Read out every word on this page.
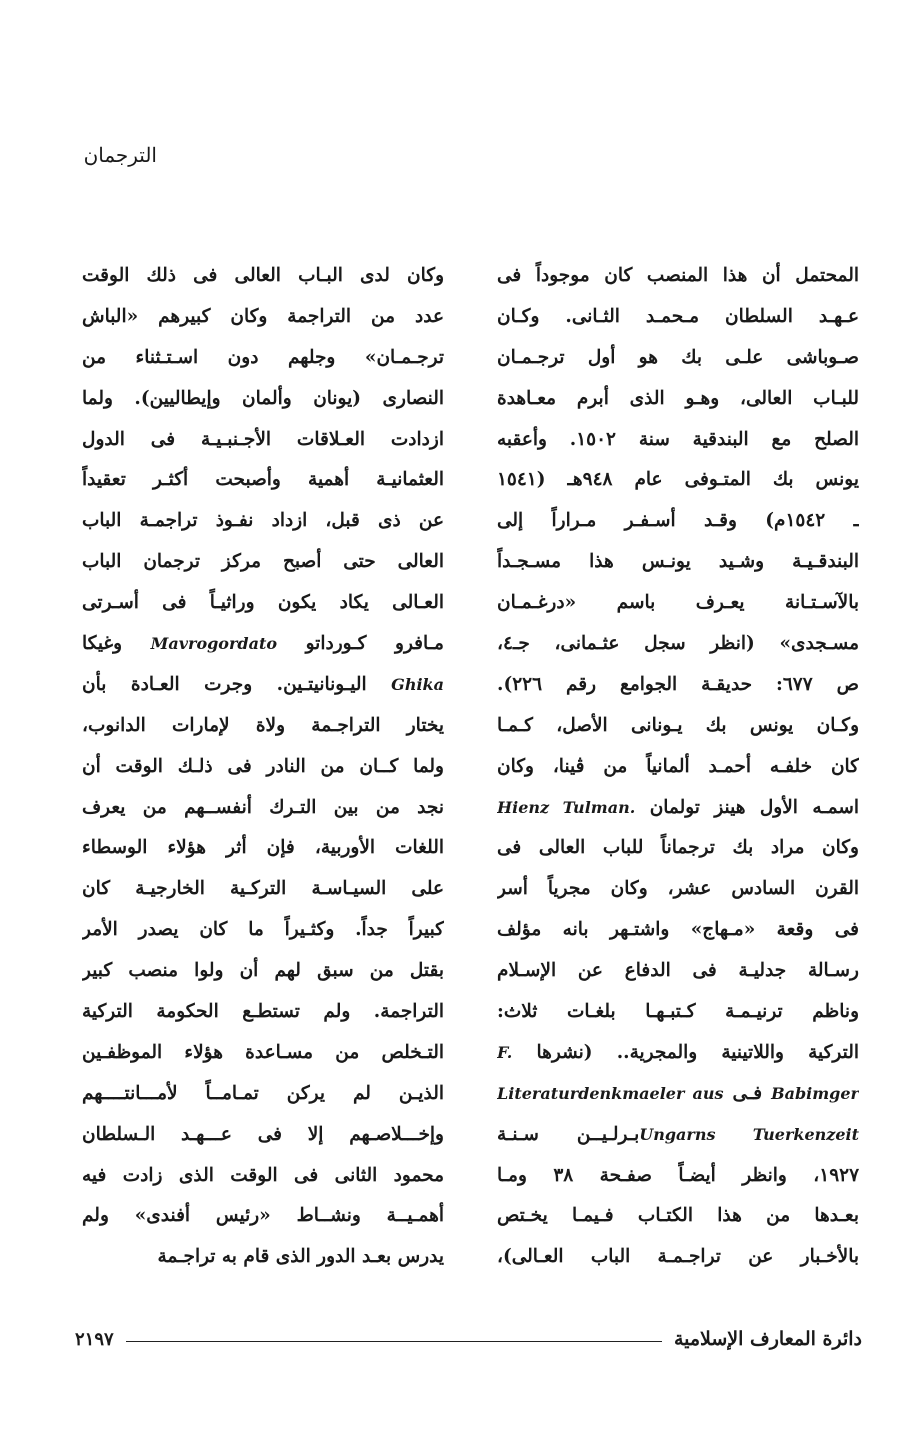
الترجمان
المحتمل أن هذا المنصب كان موجوداً فى
عـهـد السلطان مـحمـد الثـانى. وكـان
صـوباشى علـى بك هو أول ترجـمـان
للبـاب العالى، وهـو الذى أبرم معـاهدة
الصلح مع البندقية سنة ١٥٠٢. وأعقبه
يونس بك المتـوفى عام ٩٤٨هـ (١٥٤١
ـ ١٥٤٢م) وقـد أسـفـر مـراراً إلى
البندقـيـة وشـيد يونـس هذا مسـجـداً
بالآسـتـانة يعـرف باسم «درغـمـان
مسـجدى» (انظر سجل عثـمانى، جـ٤،
ص ٦٧٧: حديقـة الجوامع رقم ٢٢٦).
وكـان يونس بك يـونانى الأصل، كـمـا
كان خلفـه أحمـد ألمانياً من ڤينا، وكان
اسمـه الأول هينز تولمان Hienz Tulman.
وكان مراد بك ترجماناً للباب العالى فى
القرن السادس عشر، وكان مجرياً أسر
فى وقعة «مـهاج» واشتـهر بانه مؤلف
رسـالة جدليـة فى الدفاع عن الإسـلام
وناظم ترنيـمـة كـتبـهـا بلغـات ثلاث:
التركية واللاتينية والمجرية.. (نشرها F.
Babimger فـى Literaturdenkmaeler aus
Ungarns Tuerkenzeitبـرلـيــن سـنـة
١٩٢٧، وانظر أيضـاً صفـحة ٣٨ ومـا
بعـدها من هذا الكتـاب فـيمـا يخـتص
بالأخـبار عن تراجـمـة الباب العـالى)،
وكان لدى البـاب العالى فى ذلك الوقت
عدد من التراجمة وكان كبيرهم «الباش
ترجـمـان» وجلهم دون اسـتـثناء من
النصارى (يونان وألمان وإيطاليين). ولما
ازدادت العـلاقات الأجـنبـيـة فى الدول
العثمانيـة أهمية وأصبحت أكثـر تعقيداً
عن ذى قبل، ازداد نفـوذ تراجمـة الباب
العالى حتى أصبح مركز ترجمان الباب
العـالى يكاد يكون وراثيـاً فى أسـرتى
مـافرو كـورداتو Mavrogordato وغيكا
Ghika اليـونانيتـين. وجرت العـادة بأن
يختار التراجـمة ولاة لإمارات الدانوب،
ولما كــان من النادر فى ذلـك الوقت أن
نجد من بين التـرك أنفســهم من يعرف
اللغات الأوربية، فإن أثر هؤلاء الوسطاء
على السيـاسـة التركـية الخارجيـة كان
كبيراً جداً. وكثـيراً ما كان يصدر الأمر
بقتل من سبق لهم أن ولوا منصب كبير
التراجمة. ولم تستطـع الحكومة التركية
التـخلص من مسـاعدة هؤلاء الموظفـين
الذيـن لم يركن تمـامــاً لأمـــانتــــهم
وإخـــلاصـهم إلا فى عـــهـد الـسلطان
محمود الثانى فى الوقت الذى زادت فيه
أهمـيــة ونشــاط «رئيس أفندى» ولم
يدرس بعـد الدور الذى قام به تراجـمة
دائرة المعارف الإسلامية
٢١٩٧
